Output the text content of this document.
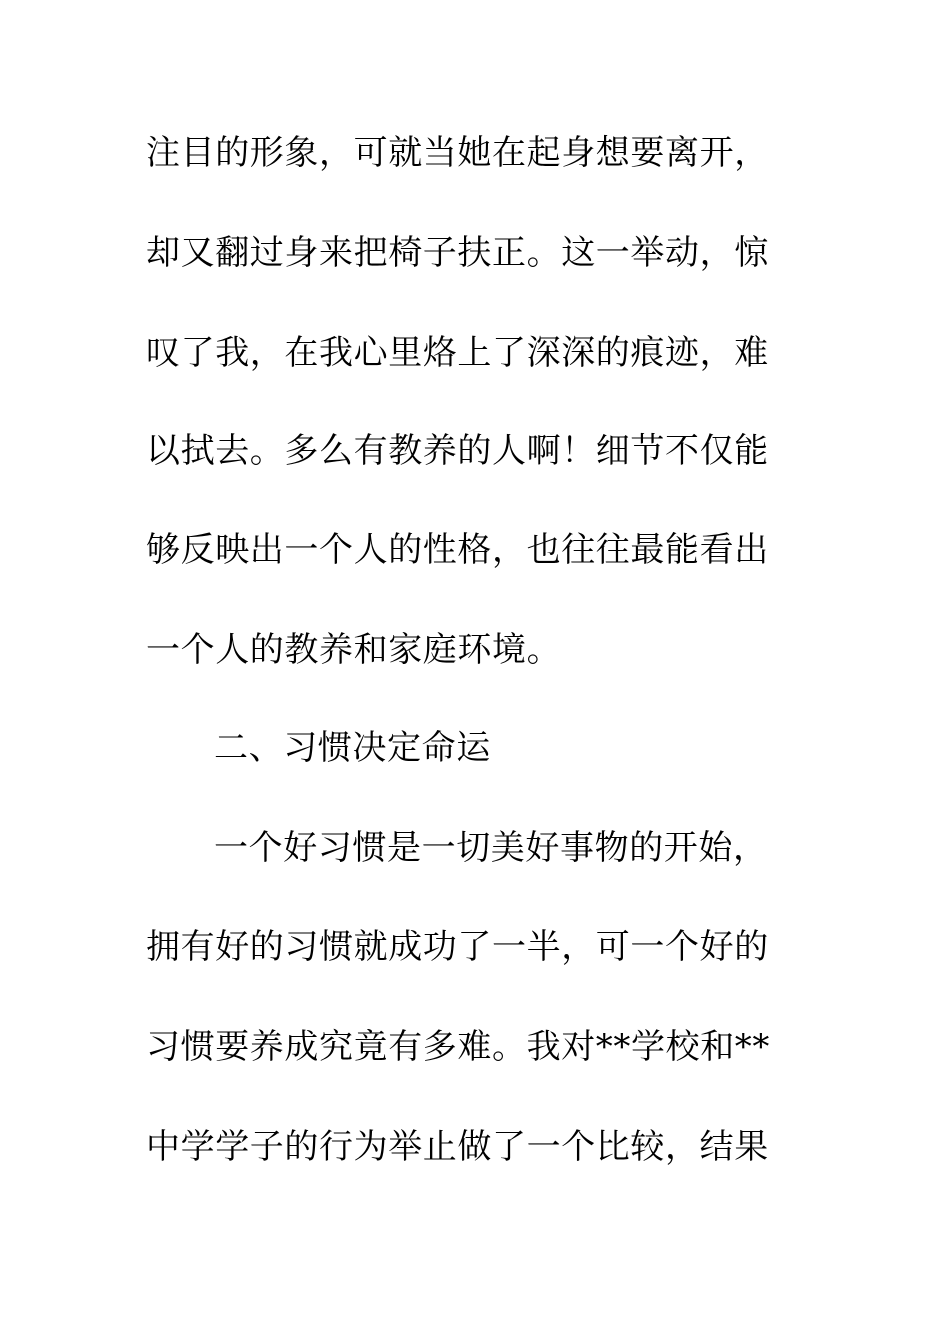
注目的形象，可就当她在起身想要离开，
却又翻过身来把椅子扶正。这一举动，惊
叹了我，在我心里烙上了深深的痕迹，难
以拭去。多么有教养的人啊！细节不仅能
够反映出一个人的性格，也往往最能看出
一个人的教养和家庭环境。
二、习惯决定命运
一个好习惯是一切美好事物的开始，
拥有好的习惯就成功了一半，可一个好的
习惯要养成究竟有多难。我对**学校和**
中学学子的行为举止做了一个比较，结果
